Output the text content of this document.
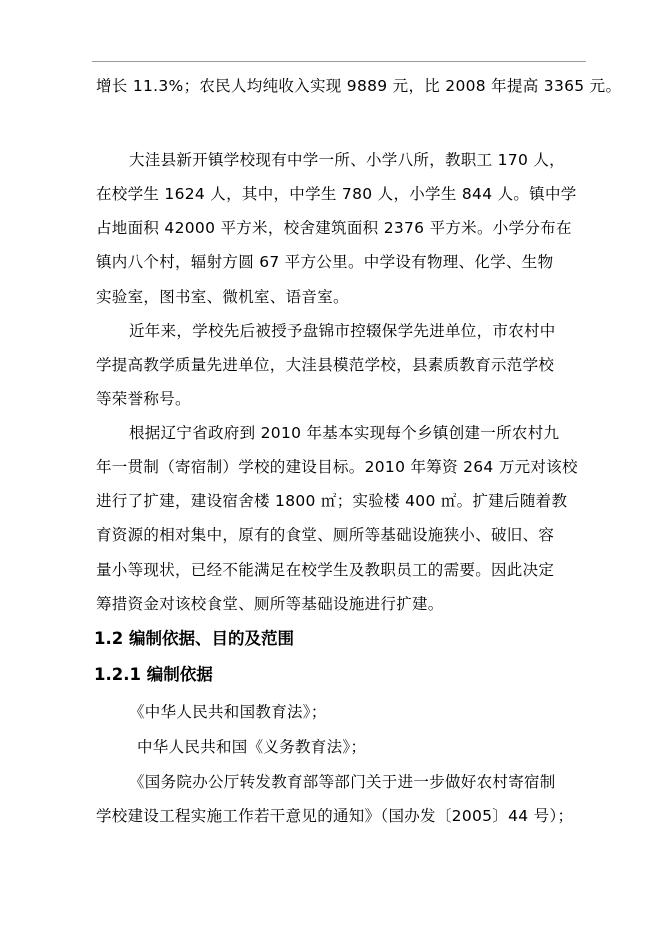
增长 11.3%；农民人均纯收入实现 9889 元，比 2008 年提高 3365 元。
大洼县新开镇学校现有中学一所、小学八所，教职工 170 人，
在校学生 1624 人，其中，中学生 780 人，小学生 844 人。镇中学
占地面积 42000 平方米，校舍建筑面积 2376 平方米。小学分布在
镇内八个村，辐射方圆 67 平方公里。中学设有物理、化学、生物
实验室，图书室、微机室、语音室。
近年来，学校先后被授予盘锦市控辍保学先进单位，市农村中
学提高教学质量先进单位，大洼县模范学校，县素质教育示范学校
等荣誉称号。
根据辽宁省政府到 2010 年基本实现每个乡镇创建一所农村九
年一贯制（寄宿制）学校的建设目标。2010 年筹资 264 万元对该校
进行了扩建，建设宿舍楼 1800 ㎡；实验楼 400 ㎡。扩建后随着教
育资源的相对集中，原有的食堂、厕所等基础设施狭小、破旧、容
量小等现状，已经不能满足在校学生及教职员工的需要。因此决定
筹措资金对该校食堂、厕所等基础设施进行扩建。
1.2 编制依据、目的及范围
1.2.1 编制依据
《中华人民共和国教育法》；
中华人民共和国《义务教育法》；
《国务院办公厅转发教育部等部门关于进一步做好农村寄宿制
学校建设工程实施工作若干意见的通知》（国办发〔2005〕44 号）；
